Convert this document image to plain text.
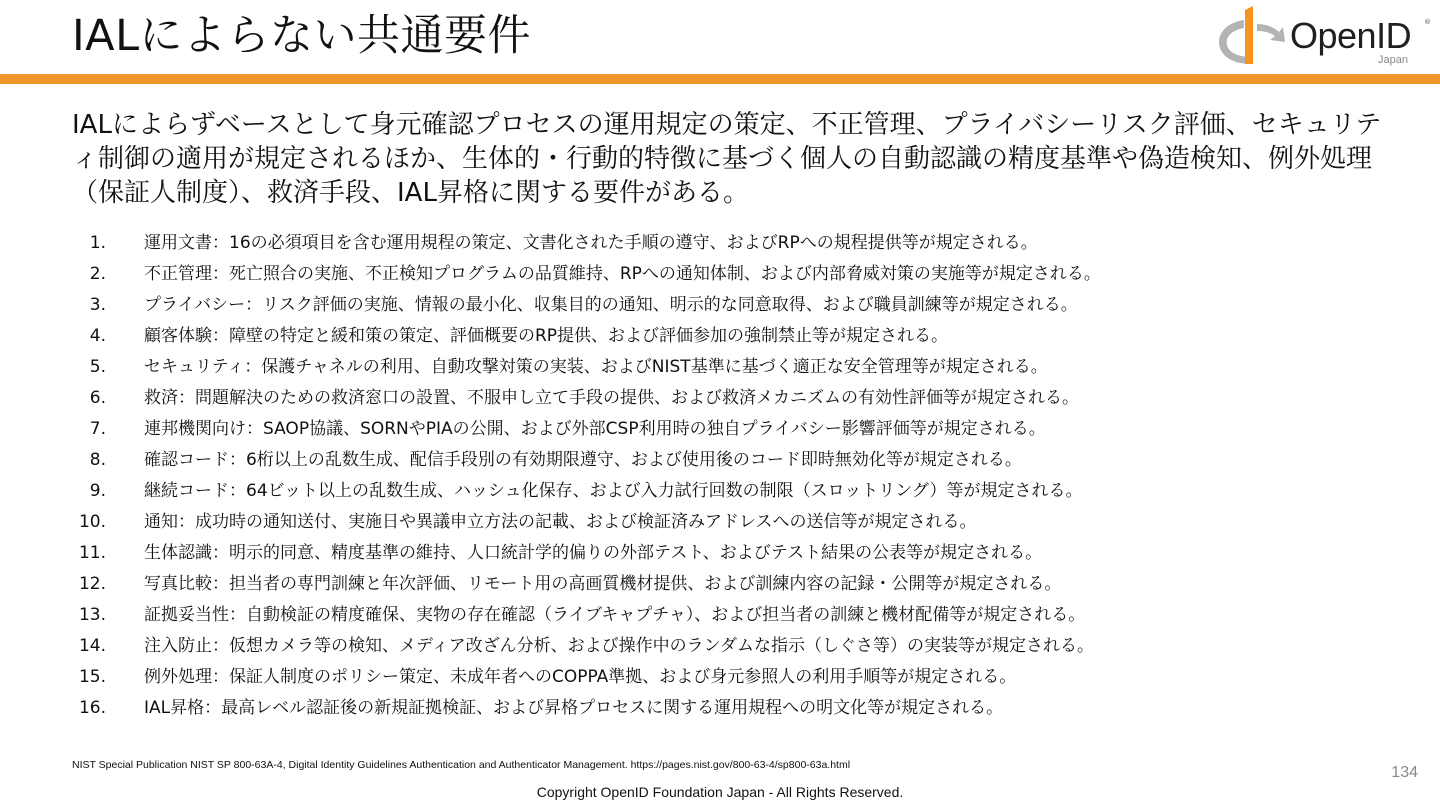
IALによらない共通要件	OpenID ®
Japan
IALによらずベースとして身元確認プロセスの運用規定の策定、不正管理、プライバシーリスク評価、セキュリティ制御の適用が規定されるほか、生体的・行動的特徴に基づく個人の自動認識の精度基準や偽造検知、例外処理（保証人制度）、救済手段、IAL昇格に関する要件がある。
1. 運用文書：16の必須項目を含む運用規程の策定、文書化された手順の遵守、およびRPへの規程提供等が規定される。
2. 不正管理：死亡照合の実施、不正検知プログラムの品質維持、RPへの通知体制、および内部脅威対策の実施等が規定される。
3. プライバシー：リスク評価の実施、情報の最小化、収集目的の通知、明示的な同意取得、および職員訓練等が規定される。
4. 顧客体験：障壁の特定と緩和策の策定、評価概要のRP提供、および評価参加の強制禁止等が規定される。
5. セキュリティ：保護チャネルの利用、自動攻撃対策の実装、およびNIST基準に基づく適正な安全管理等が規定される。
6. 救済：問題解決のための救済窓口の設置、不服申し立て手段の提供、および救済メカニズムの有効性評価等が規定される。
7. 連邦機関向け：SAOP協議、SORNやPIAの公開、および外部CSP利用時の独自プライバシー影響評価等が規定される。
8. 確認コード：6桁以上の乱数生成、配信手段別の有効期限遵守、および使用後のコード即時無効化等が規定される。
9. 継続コード：64ビット以上の乱数生成、ハッシュ化保存、および入力試行回数の制限（スロットリング）等が規定される。
10. 通知：成功時の通知送付、実施日や異議申立方法の記載、および検証済みアドレスへの送信等が規定される。
11. 生体認識：明示的同意、精度基準の維持、人口統計学的偏りの外部テスト、およびテスト結果の公表等が規定される。
12. 写真比較：担当者の専門訓練と年次評価、リモート用の高画質機材提供、および訓練内容の記録・公開等が規定される。
13. 証拠妥当性：自動検証の精度確保、実物の存在確認（ライブキャプチャ）、および担当者の訓練と機材配備等が規定される。
14. 注入防止：仮想カメラ等の検知、メディア改ざん分析、および操作中のランダムな指示（しぐさ等）の実装等が規定される。
15. 例外処理：保証人制度のポリシー策定、未成年者へのCOPPA準拠、および身元参照人の利用手順等が規定される。
16. IAL昇格：最高レベル認証後の新規証拠検証、および昇格プロセスに関する運用規程への明文化等が規定される。
NIST Special Publication NIST SP 800-63A-4, Digital Identity Guidelines Authentication and Authenticator Management. https://pages.nist.gov/800-63-4/sp800-63a.html	134
Copyright OpenID Foundation Japan - All Rights Reserved.
